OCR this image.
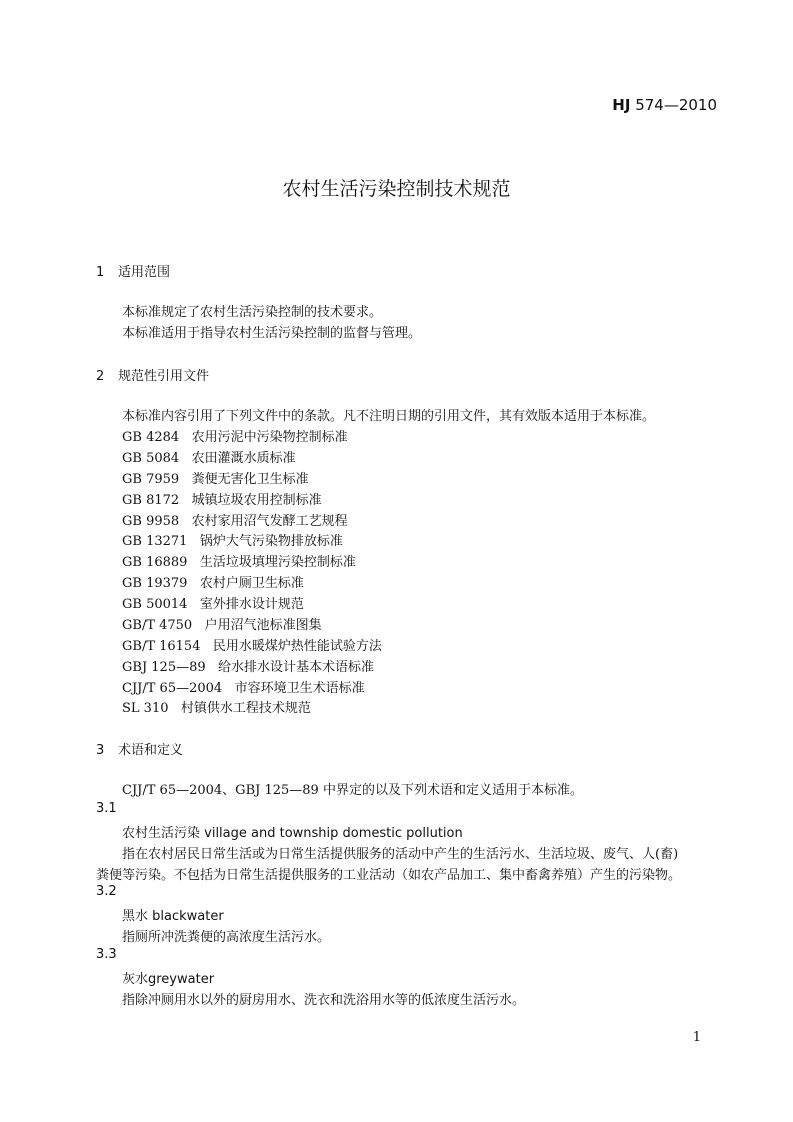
HJ 574—2010
农村生活污染控制技术规范
1 适用范围
本标准规定了农村生活污染控制的技术要求。
本标准适用于指导农村生活污染控制的监督与管理。
2 规范性引用文件
本标准内容引用了下列文件中的条款。凡不注明日期的引用文件，其有效版本适用于本标准。
GB 4284 农用污泥中污染物控制标准
GB 5084 农田灌溉水质标准
GB 7959 粪便无害化卫生标准
GB 8172 城镇垃圾农用控制标准
GB 9958 农村家用沼气发酵工艺规程
GB 13271 锅炉大气污染物排放标准
GB 16889 生活垃圾填埋污染控制标准
GB 19379 农村户厕卫生标准
GB 50014 室外排水设计规范
GB/T 4750 户用沼气池标准图集
GB/T 16154 民用水暖煤炉热性能试验方法
GBJ 125—89 给水排水设计基本术语标准
CJJ/T 65—2004 市容环境卫生术语标准
SL 310 村镇供水工程技术规范
3 术语和定义
CJJ/T 65—2004、GBJ 125—89 中界定的以及下列术语和定义适用于本标准。
3.1
农村生活污染 village and township domestic pollution
指在农村居民日常生活或为日常生活提供服务的活动中产生的生活污水、生活垃圾、废气、人(畜)
粪便等污染。不包括为日常生活提供服务的工业活动（如农产品加工、集中畜禽养殖）产生的污染物。
3.2
黑水 blackwater
指厕所冲洗粪便的高浓度生活污水。
3.3
灰水greywater
指除冲厕用水以外的厨房用水、洗衣和洗浴用水等的低浓度生活污水。
1
